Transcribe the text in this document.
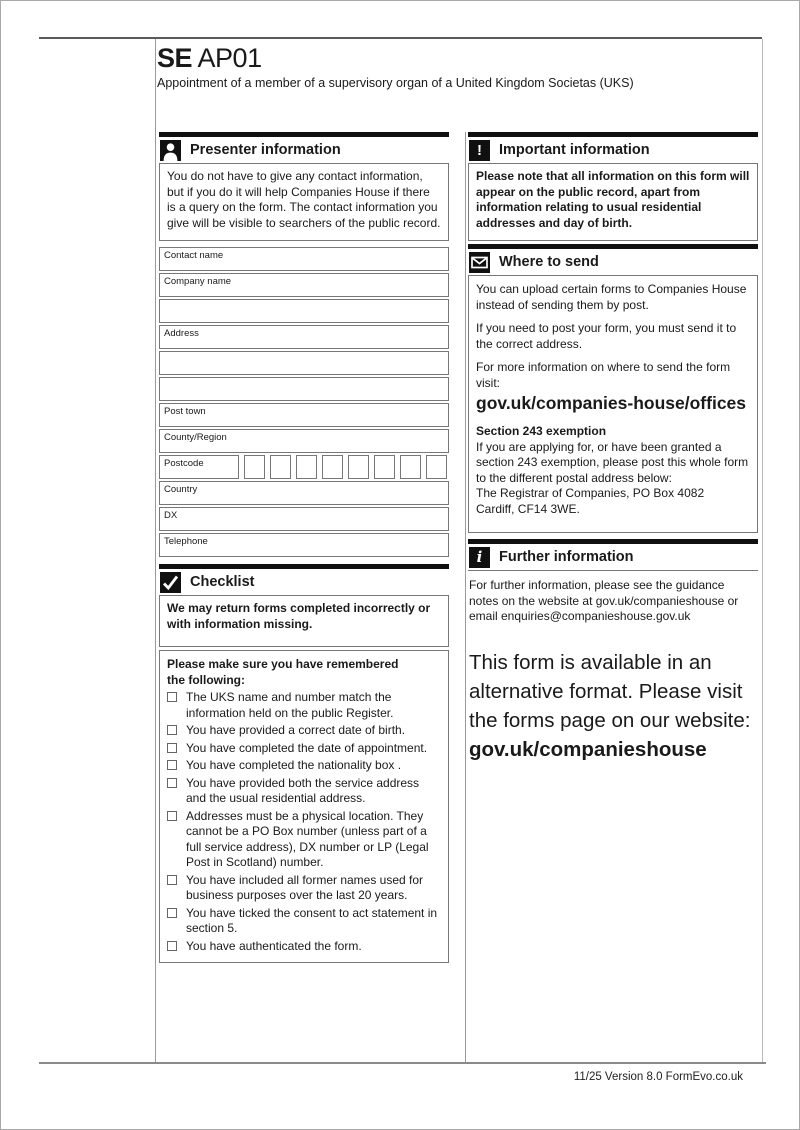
SE AP01
Appointment of a member of a supervisory organ of a United Kingdom Societas (UKS)
Presenter information
You do not have to give any contact information, but if you do it will help Companies House if there is a query on the form. The contact information you give will be visible to searchers of the public record.
Contact name
Company name
Address
Post town
County/Region
Postcode
Country
DX
Telephone
Checklist
We may return forms completed incorrectly or with information missing.
Please make sure you have remembered
the following:
The UKS name and number match the information held on the public Register.
You have provided a correct date of birth.
You have completed the date of appointment.
You have completed the nationality box .
You have provided both the service address and the usual residential address.
Addresses must be a physical location. They cannot be a PO Box number (unless part of a full service address), DX number or LP (Legal Post in Scotland) number.
You have included all former names used for business purposes over the last 20 years.
You have ticked the consent to act statement in section 5.
You have authenticated the form.
!	Important information
Please note that all information on this form will appear on the public record, apart from information relating to usual residential addresses and day of birth.
Where to send

You can upload certain forms to Companies House instead of sending them by post.

If you need to post your form, you must send it to the correct address.

For more information on where to send the form visit:

gov.uk/companies-house/offices
Section 243 exemption
If you are applying for, or have been granted a section 243 exemption, please post this whole form to the different postal address below:
The Registrar of Companies, PO Box 4082
Cardiff, CF14 3WE.
i Further information
For further information, please see the guidance notes on the website at gov.uk/companieshouse or email enquiries@companieshouse.gov.uk
This form is available in an alternative format. Please visit the forms page on our website:
gov.uk/companieshouse
11/25 Version 8.0 FormEvo.co.uk
